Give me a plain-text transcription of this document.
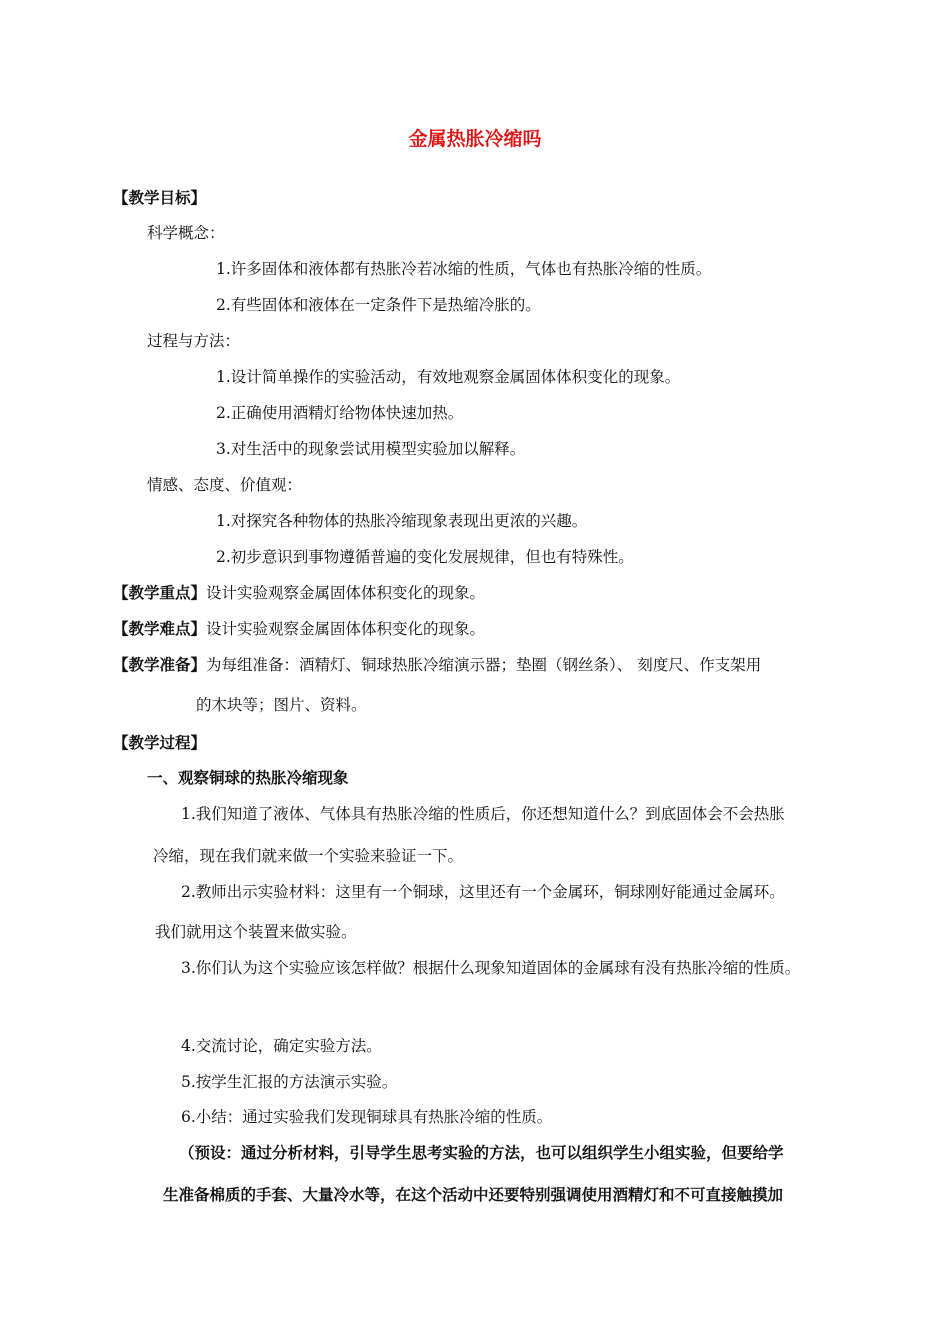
金属热胀冷缩吗
【教学目标】
科学概念：
1.许多固体和液体都有热胀冷若冰缩的性质，气体也有热胀冷缩的性质。
2.有些固体和液体在一定条件下是热缩冷胀的。
过程与方法：
1.设计简单操作的实验活动，有效地观察金属固体体积变化的现象。
2.正确使用酒精灯给物体快速加热。
3.对生活中的现象尝试用模型实验加以解释。
情感、态度、价值观：
1.对探究各种物体的热胀冷缩现象表现出更浓的兴趣。
2.初步意识到事物遵循普遍的变化发展规律，但也有特殊性。
【教学重点】设计实验观察金属固体体积变化的现象。
【教学难点】设计实验观察金属固体体积变化的现象。
【教学准备】为每组准备：酒精灯、铜球热胀冷缩演示器；垫圈（钢丝条）、 刻度尺、作支架用
的木块等；图片、资料。
【教学过程】
一、观察铜球的热胀冷缩现象
1.我们知道了液体、气体具有热胀冷缩的性质后，你还想知道什么？到底固体会不会热胀
冷缩，现在我们就来做一个实验来验证一下。
2.教师出示实验材料：这里有一个铜球，这里还有一个金属环，铜球刚好能通过金属环。
我们就用这个装置来做实验。
3.你们认为这个实验应该怎样做？根据什么现象知道固体的金属球有没有热胀冷缩的性质。
4.交流讨论，确定实验方法。
5.按学生汇报的方法演示实验。
6.小结：通过实验我们发现铜球具有热胀冷缩的性质。
（预设：通过分析材料，引导学生思考实验的方法，也可以组织学生小组实验，但要给学
生准备棉质的手套、大量冷水等，在这个活动中还要特别强调使用酒精灯和不可直接触摸加
